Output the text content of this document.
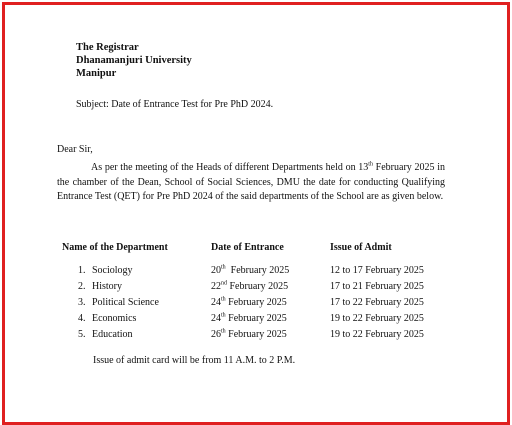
The Registrar
Dhanamanjuri University
Manipur
Subject: Date of Entrance Test for Pre PhD 2024.
Dear Sir,
As per the meeting of the Heads of different Departments held on 13th February 2025 in the chamber of the Dean, School of Social Sciences, DMU the date for conducting Qualifying Entrance Test (QET) for Pre PhD 2024 of the said departments of the School are as given below.
Name of the Department	Date of Entrance	Issue of Admit
1. Sociology	20th  February 2025	12 to 17 February 2025
2. History	22nd February 2025	17 to 21 February 2025
3. Political Science	24th February 2025	17 to 22 February 2025
4. Economics	24th February 2025	19 to 22 February 2025
5. Education	26th February 2025	19 to 22 February 2025
Issue of admit card will be from 11 A.M. to 2 P.M.
